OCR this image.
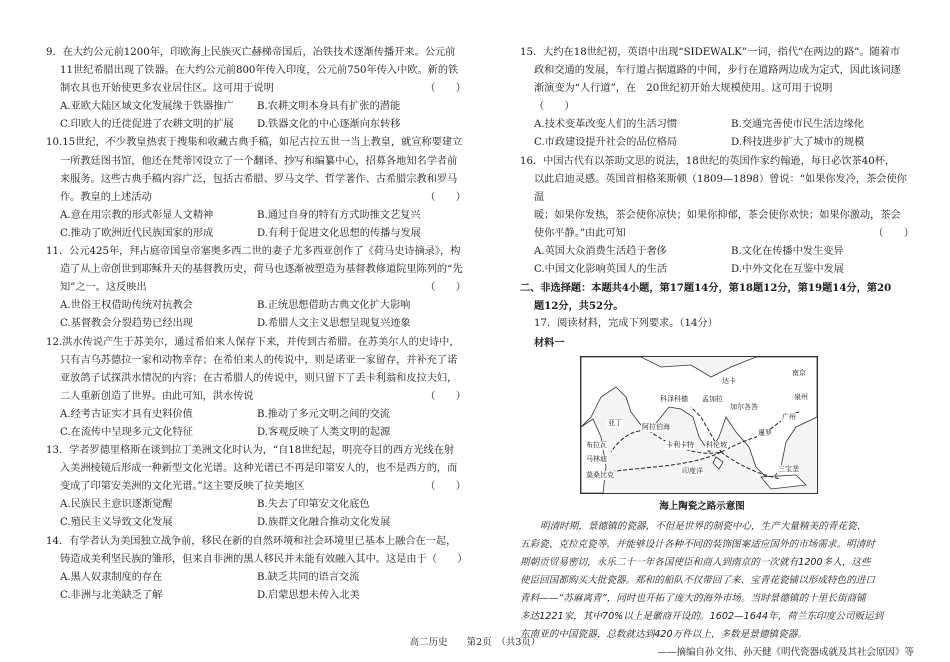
9．在大约公元前1200年，印欧海上民族灭亡赫梯帝国后，冶铁技术逐渐传播开来。公元前

11世纪希腊出现了铁器。在大约公元前800年传入印度，公元前750年传入中欧。新的铁

制农具也开始使更多农业居住区。这可用于说明	（　　）

A.亚欧大陆区域文化发展缘于铁器推广	B.农耕文明本身具有扩张的潜能
C.印欧人的迁徙促进了农耕文明的扩展	D.铁器文化的中心逐渐向东转移

10.15世纪，不少教皇热衷于搜集和收藏古典手稿，如尼古拉五世一当上教皇，就宣称要建立

一所教廷图书馆，他还在梵蒂冈设立了一个翻译、抄写和编纂中心，招募各地知名学者前

来服务。这些古典手稿内容广泛，包括古希腊、罗马文学、哲学著作、古希腊宗教和罗马

作。教皇的上述活动	（　　）

A.意在用宗教的形式彰显人文精神	B.通过自身的特有方式助推文艺复兴
C.推动了欧洲近代民族国家的形成	D.有利于促进文化思想的传播与发展

11．公元425年，拜占庭帝国皇帝塞奥多西二世的妻子尤多西亚创作了《荷马史诗摘录》，构

造了从上帝创世到耶稣升天的基督教历史，荷马也逐渐被塑造为基督教修道院里陈列的“先

知”之一。这反映出	（　　）

A.世俗王权借助传统对抗教会	B.正统思想借助古典文化扩大影响
C.基督教会分裂趋势已经出现	D.希腊人文主义思想呈现复兴迹象

12.洪水传说产生于苏美尔，通过希伯来人保存下来，并传到古希腊。在苏美尔人的史诗中，

只有吉乌苏德拉一家和动物幸存；在希伯来人的传说中，则是诺亚一家留存，并补充了诺

亚放鸽子试探洪水情况的内容；在古希腊人的传说中，则只留下了丢卡利翁和皮拉夫妇，

二人重新创造了世界。由此可知，洪水传说	（　　）

A.经考古证实才具有史料价值	B.推动了多元文明之间的交流
C.在流传中呈现多元文化特征	D.客观反映了人类文明的起源

13．学者罗德里格斯在谈到拉丁美洲文化时认为，“自18世纪起，明亮夺目的西方光线在射

入美洲棱镜后形成一种新型文化光谱。这种光谱已不再是印第安人的，也不是西方的，而

变成了印第安美洲的文化光谱。”这主要反映了拉美地区	（　　）

A.民族民主意识逐渐觉醒	B.失去了印第安文化底色
C.殖民主义导致文化发展	D.族群文化融合推动文化发展

14．有学者认为美国独立战争前，移民在新的自然环境和社会环境里已基本上融合在一起，

铸造成美利坚民族的雏形，但来自非洲的黑人移民并未能有效融入其中。这是由于（　　）

A.黑人奴隶制度的存在	B.缺乏共同的语言交流
C.非洲与北美缺乏了解	D.启蒙思想未传入北美

15．大约在18世纪初，英语中出现“SIDEWALK”一词，指代“在两边的路”。随着市

政和交通的发展，车行道占据道路的中间，步行在道路两边成为定式，因此该词逐

渐演变为“人行道”，在　20世纪初开始大规模使用。这可用于说明

（　　）

A.技术变革改变人们的生活习惯	B.交通完善使市民生活边缘化
C.市政建设提升社会的品位格局	D.科技进步扩大了城市的规模

16．中国古代有以茶助文思的说法，18世纪的英国作家约翰逊，每日必饮茶40杯，

以此启迪灵感。英国首相格莱斯顿（1809—1898）曾说：“如果你发冷，茶会使你温

暖；如果你发热，茶会使你凉快；如果你抑郁，茶会使你欢快；如果你激动，茶会

使你平静。”由此可知	（　　）

A.英国大众消费生活趋于奢侈	B.文化在传播中发生变异
C.中国文化影响英国人的生活	D.中外文化在互鉴中发展

二、非选择题：本题共4小题，第17题14分，第18题12分，第19题14分，第20

题12分，共52分。

17．阅读材料，完成下列要求。（14分）

材料一
南京
泉州
广州
达卡
加尔各答
孟加拉
科泽科德
科伦坡
亚丁	阿拉伯海
印度洋
卡利卡特
布拉瓦
马林迪
莫桑比克
三宝垄
暹罗
海上陶瓷之路示意图

明清时期，景德镇的瓷器，不但是世界的制瓷中心，生产大量精美的青花瓷、

五彩瓷、克拉克瓷等，并能够设计各种不同的装饰图案适应国外的市场需求。明清时

期朝贡贸易密切，永乐二十一年各国使臣和商人到南京的一次就有1200多人，这些

使臣回国都购买大批瓷器。郑和的船队不仅带回了来、宝青花瓷铺以形成特色的进口

青料——“苏麻离青”，同时也开拓了庞大的海外市场。当时景德镇的十里长街商铺

多达1221家，其中70%以上是徽商开设的。1602—1644年，荷兰东印度公司贩运到

东南亚的中国瓷器，总数就达到420万件以上，多数是景德镇瓷器。

——摘编自孙文伟、孙天健《明代瓷器成就及其社会原因》等

高二历史　　第2页　（共3页）
